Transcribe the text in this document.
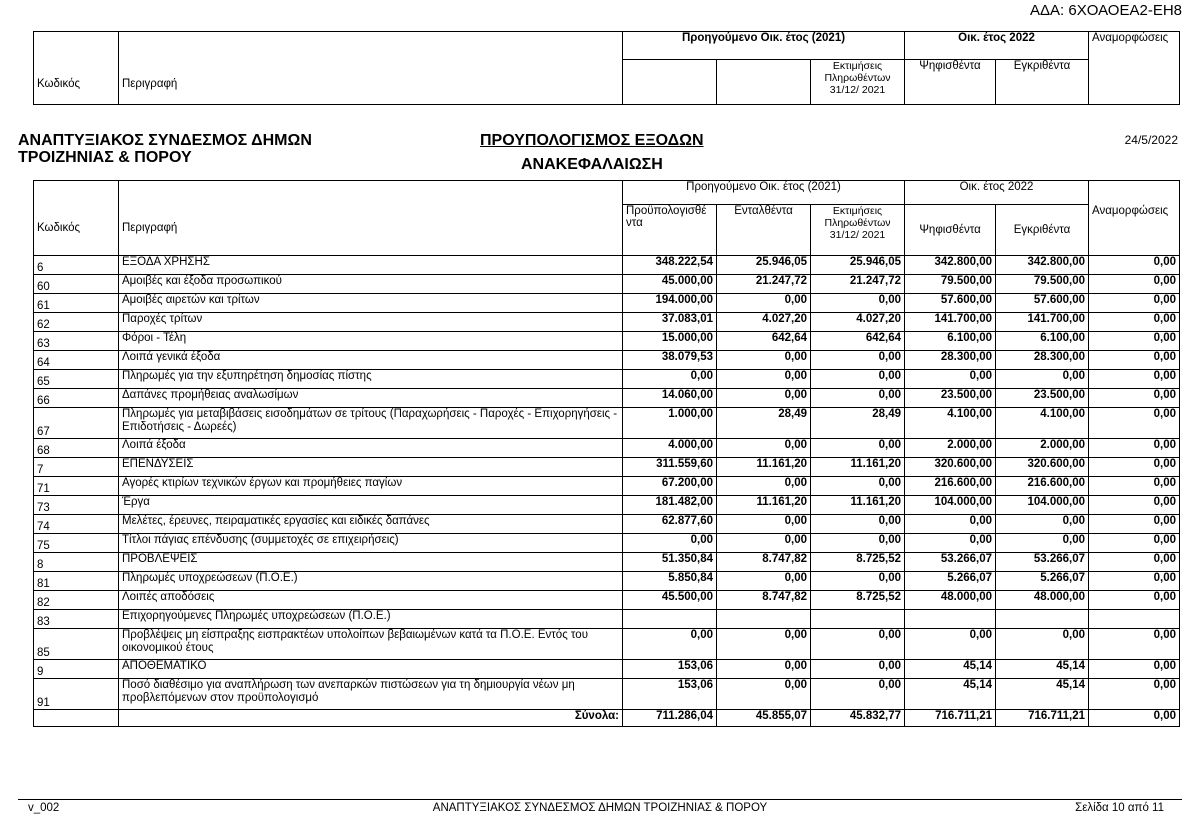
ΑΔΑ: 6ΧΟΑΟΕΑ2-ΕΗ8
Κωδικός	Περιγραφή	Προηγούμενο Οικ. έτος (2021)			Οικ. έτος 2022		Αναμορφώσεις
				Εκτιμήσεις Πληρωθέντων 31/12/ 2021	Ψηφισθέντα	Εγκριθέντα	
ΑΝΑΠΤΥΞΙΑΚΟΣ ΣΥΝΔΕΣΜΟΣ ΔΗΜΩΝ
ΤΡΟΙΖΗΝΙΑΣ & ΠΟΡΟΥ
ΠΡΟΥΠΟΛΟΓΙΣΜΟΣ ΕΞΟΔΩΝ
ΑΝΑΚΕΦΑΛΑΙΩΣΗ
24/5/2022
Κωδικός	Περιγραφή	Προηγούμενο Οικ. έτος (2021)			Οικ. έτος 2022		Αναμορφώσεις
		Προϋπολογισθέ ντα	Ενταλθέντα	Εκτιμήσεις Πληρωθέντων 31/12/ 2021	Ψηφισθέντα	Εγκριθέντα	
6	ΕΞΟΔΑ ΧΡΗΣΗΣ	348.222,54	25.946,05	25.946,05	342.800,00	342.800,00	0,00
60	Αμοιβές και έξοδα προσωπικού	45.000,00	21.247,72	21.247,72	79.500,00	79.500,00	0,00
61	Αμοιβές αιρετών και τρίτων	194.000,00	0,00	0,00	57.600,00	57.600,00	0,00
62	Παροχές τρίτων	37.083,01	4.027,20	4.027,20	141.700,00	141.700,00	0,00
63	Φόροι - Τέλη	15.000,00	642,64	642,64	6.100,00	6.100,00	0,00
64	Λοιπά γενικά έξοδα	38.079,53	0,00	0,00	28.300,00	28.300,00	0,00
65	Πληρωμές για την εξυπηρέτηση δημοσίας πίστης	0,00	0,00	0,00	0,00	0,00	0,00
66	Δαπάνες προμήθειας αναλωσίμων	14.060,00	0,00	0,00	23.500,00	23.500,00	0,00
67	Πληρωμές για μεταβιβάσεις εισοδημάτων σε τρίτους (Παραχωρήσεις - Παροχές - Επιχορηγήσεις - Επιδοτήσεις - Δωρεές)	1.000,00	28,49	28,49	4.100,00	4.100,00	0,00
68	Λοιπά έξοδα	4.000,00	0,00	0,00	2.000,00	2.000,00	0,00
7	ΕΠΕΝΔΥΣΕΙΣ	311.559,60	11.161,20	11.161,20	320.600,00	320.600,00	0,00
71	Αγορές κτιρίων τεχνικών έργων και προμήθειες παγίων	67.200,00	0,00	0,00	216.600,00	216.600,00	0,00
73	Έργα	181.482,00	11.161,20	11.161,20	104.000,00	104.000,00	0,00
74	Μελέτες, έρευνες, πειραματικές εργασίες και ειδικές δαπάνες	62.877,60	0,00	0,00	0,00	0,00	0,00
75	Τίτλοι πάγιας επένδυσης (συμμετοχές σε επιχειρήσεις)	0,00	0,00	0,00	0,00	0,00	0,00
8	ΠΡΟΒΛΕΨΕΙΣ	51.350,84	8.747,82	8.725,52	53.266,07	53.266,07	0,00
81	Πληρωμές υποχρεώσεων (Π.Ο.Ε.)	5.850,84	0,00	0,00	5.266,07	5.266,07	0,00
82	Λοιπές αποδόσεις	45.500,00	8.747,82	8.725,52	48.000,00	48.000,00	0,00
83	Επιχορηγούμενες Πληρωμές υποχρεώσεων (Π.Ο.Ε.)						
85	Προβλέψεις μη είσπραξης εισπρακτέων υπολοίπων βεβαιωμένων κατά τα Π.Ο.Ε. Εντός του οικονομικού έτους	0,00	0,00	0,00	0,00	0,00	0,00
9	ΑΠΟΘΕΜΑΤΙΚΟ	153,06	0,00	0,00	45,14	45,14	0,00
91	Ποσό διαθέσιμο για αναπλήρωση των ανεπαρκών πιστώσεων για τη δημιουργία νέων μη προβλεπόμενων στον προϋπολογισμό	153,06	0,00	0,00	45,14	45,14	0,00
	Σύνολα:	711.286,04	45.855,07	45.832,77	716.711,21	716.711,21	0,00
v_002	ΑΝΑΠΤΥΞΙΑΚΟΣ ΣΥΝΔΕΣΜΟΣ ΔΗΜΩΝ ΤΡΟΙΖΗΝΙΑΣ & ΠΟΡΟΥ	Σελίδα 10 από 11
